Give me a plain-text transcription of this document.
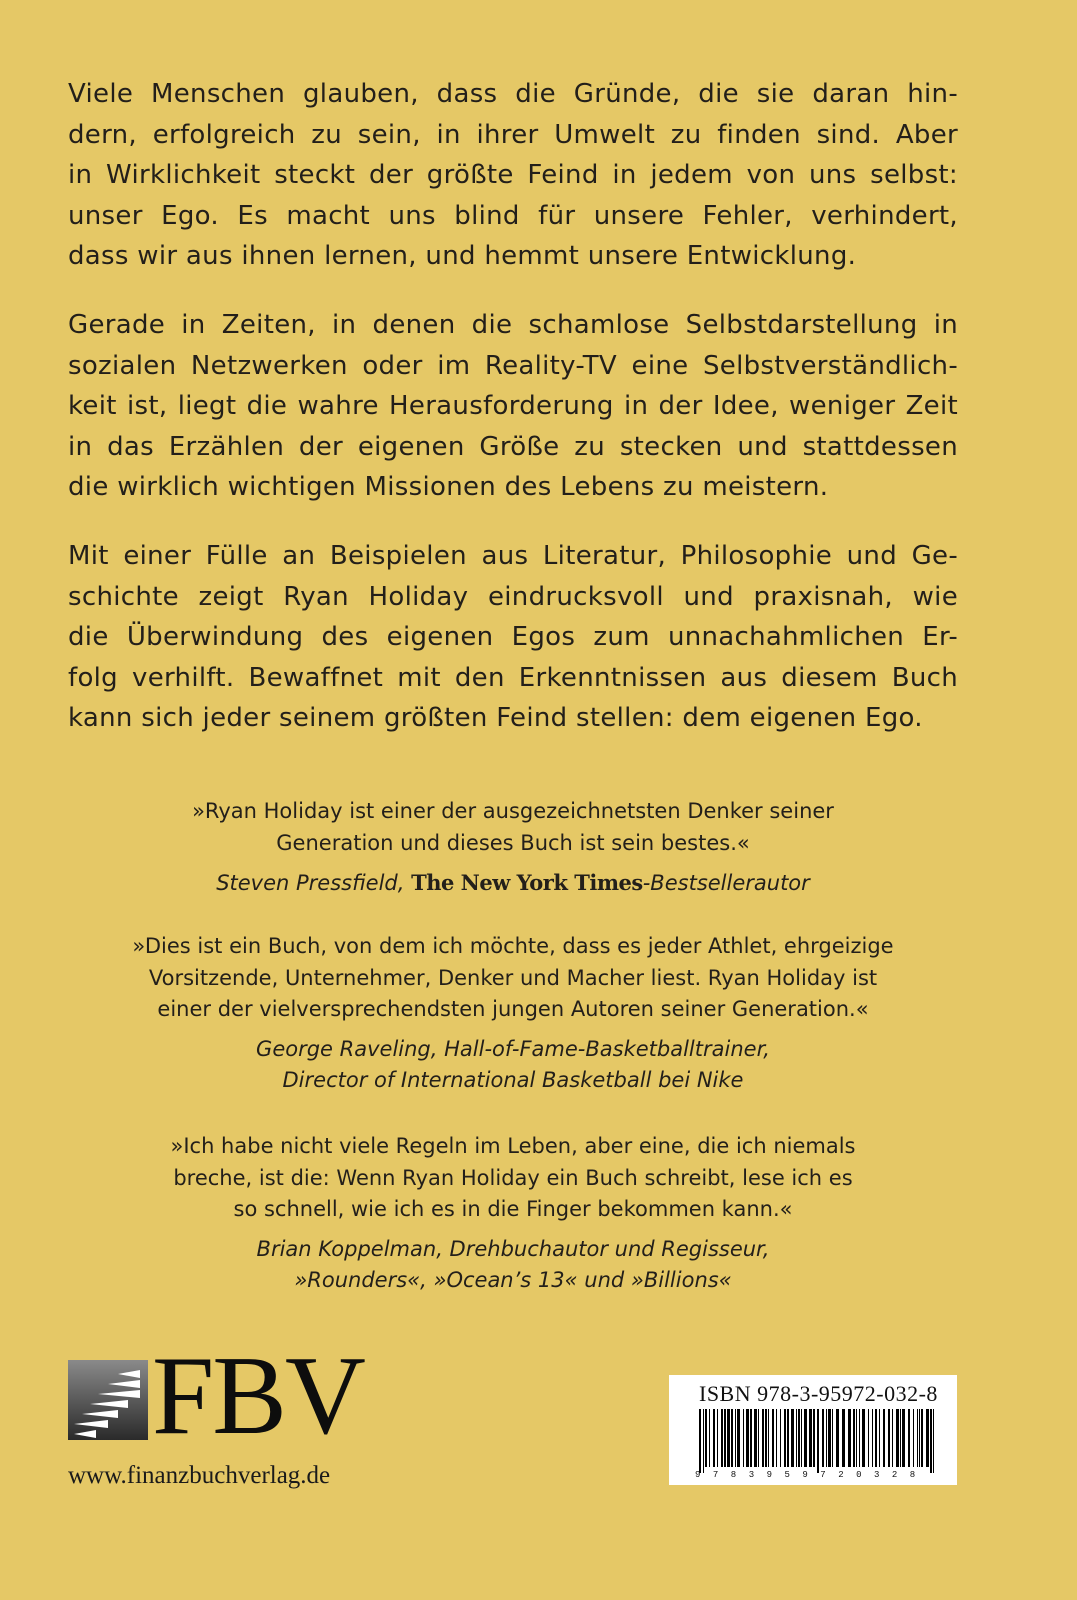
Viele Menschen glauben, dass die Gründe, die sie daran hin-
dern, erfolgreich zu sein, in ihrer Umwelt zu finden sind. Aber
in Wirklichkeit steckt der größte Feind in jedem von uns selbst:
unser Ego. Es macht uns blind für unsere Fehler, verhindert,
dass wir aus ihnen lernen, und hemmt unsere Entwicklung.
Gerade in Zeiten, in denen die schamlose Selbstdarstellung in
sozialen Netzwerken oder im Reality-TV eine Selbstverständlich-
keit ist, liegt die wahre Herausforderung in der Idee, weniger Zeit
in das Erzählen der eigenen Größe zu stecken und stattdessen
die wirklich wichtigen Missionen des Lebens zu meistern.
Mit einer Fülle an Beispielen aus Literatur, Philosophie und Ge-
schichte zeigt Ryan Holiday eindrucksvoll und praxisnah, wie
die Überwindung des eigenen Egos zum unnachahmlichen Er-
folg verhilft. Bewaffnet mit den Erkenntnissen aus diesem Buch
kann sich jeder seinem größten Feind stellen: dem eigenen Ego.
»Ryan Holiday ist einer der ausgezeichnetsten Denker seiner
Generation und dieses Buch ist sein bestes.«
Steven Pressfield, The New York Times-Bestsellerautor
»Dies ist ein Buch, von dem ich möchte, dass es jeder Athlet, ehrgeizige
Vorsitzende, Unternehmer, Denker und Macher liest. Ryan Holiday ist
einer der vielversprechendsten jungen Autoren seiner Generation.«
George Raveling, Hall-of-Fame-Basketballtrainer,
Director of International Basketball bei Nike
»Ich habe nicht viele Regeln im Leben, aber eine, die ich niemals
breche, ist die: Wenn Ryan Holiday ein Buch schreibt, lese ich es
so schnell, wie ich es in die Finger bekommen kann.«
Brian Koppelman, Drehbuchautor und Regisseur,
»Rounders«, »Ocean’s 13« und »Billions«
FBV
www.finanzbuchverlag.de
ISBN 978-3-95972-032-8
9783959720328
